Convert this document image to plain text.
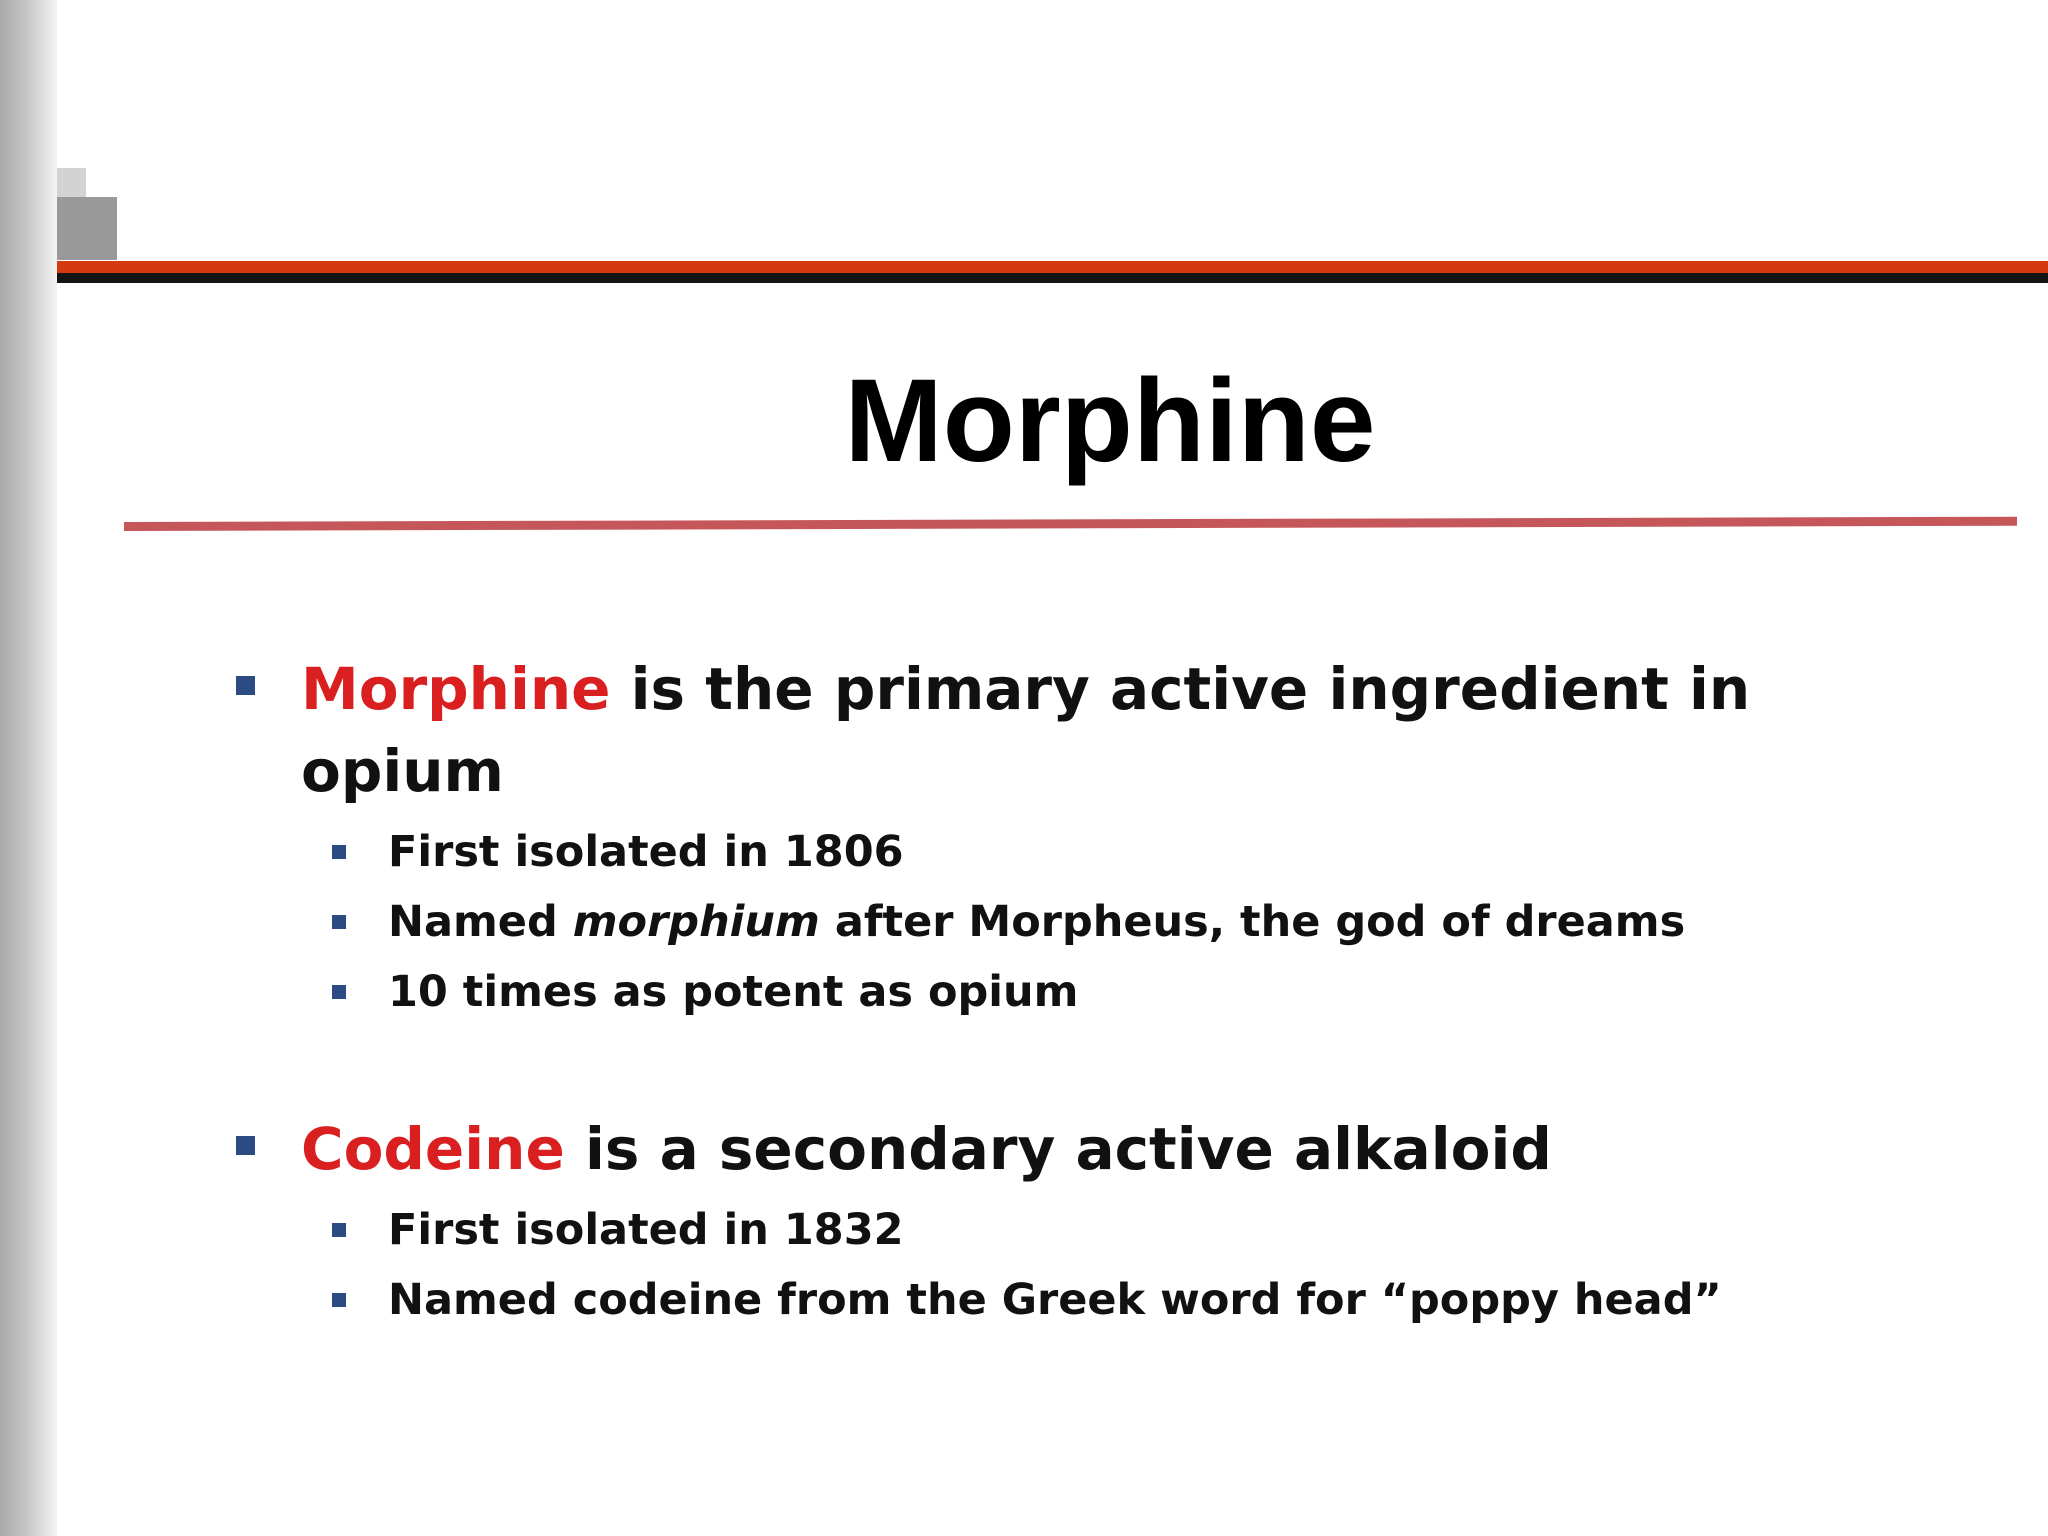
Morphine
Morphine is the primary active ingredient in
opium
First isolated in 1806
Named morphium after Morpheus, the god of dreams
10 times as potent as opium
Codeine is a secondary active alkaloid
First isolated in 1832
Named codeine from the Greek word for “poppy head”
